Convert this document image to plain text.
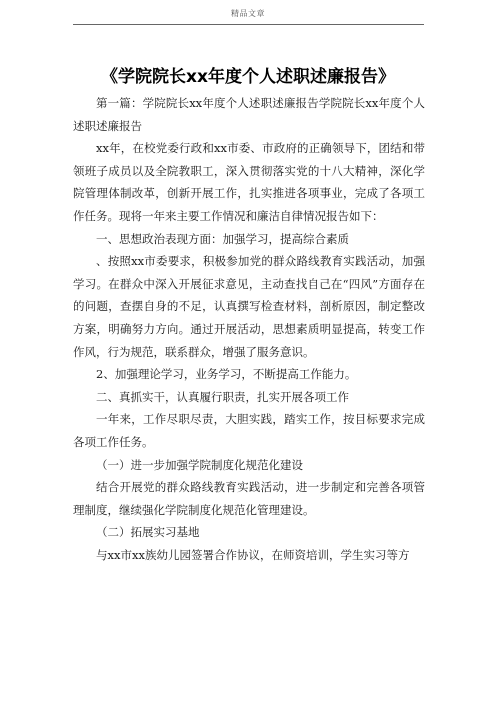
精品文章
《学院院长xx年度个人述职述廉报告》

第一篇：学院院长xx年度个人述职述廉报告学院院长xx年度个人述职述廉报告

xx年，在校党委行政和xx市委、市政府的正确领导下，团结和带领班子成员以及全院教职工，深入贯彻落实党的十八大精神，深化学院管理体制改革，创新开展工作，扎实推进各项事业，完成了各项工作任务。现将一年来主要工作情况和廉洁自律情况报告如下：

一、思想政治表现方面：加强学习，提高综合素质

、按照xx市委要求，积极参加党的群众路线教育实践活动，加强学习。在群众中深入开展征求意见，主动查找自己在“四风”方面存在的问题，查摆自身的不足，认真撰写检查材料，剖析原因，制定整改方案，明确努力方向。通过开展活动，思想素质明显提高，转变工作作风，行为规范，联系群众，增强了服务意识。

2、加强理论学习，业务学习，不断提高工作能力。

二、真抓实干，认真履行职责，扎实开展各项工作

一年来，工作尽职尽责，大胆实践，踏实工作，按目标要求完成各项工作任务。

（一）进一步加强学院制度化规范化建设

结合开展党的群众路线教育实践活动，进一步制定和完善各项管理制度，继续强化学院制度化规范化管理建设。

（二）拓展实习基地

与xx市xx族幼儿园签署合作协议，在师资培训，学生实习等方
